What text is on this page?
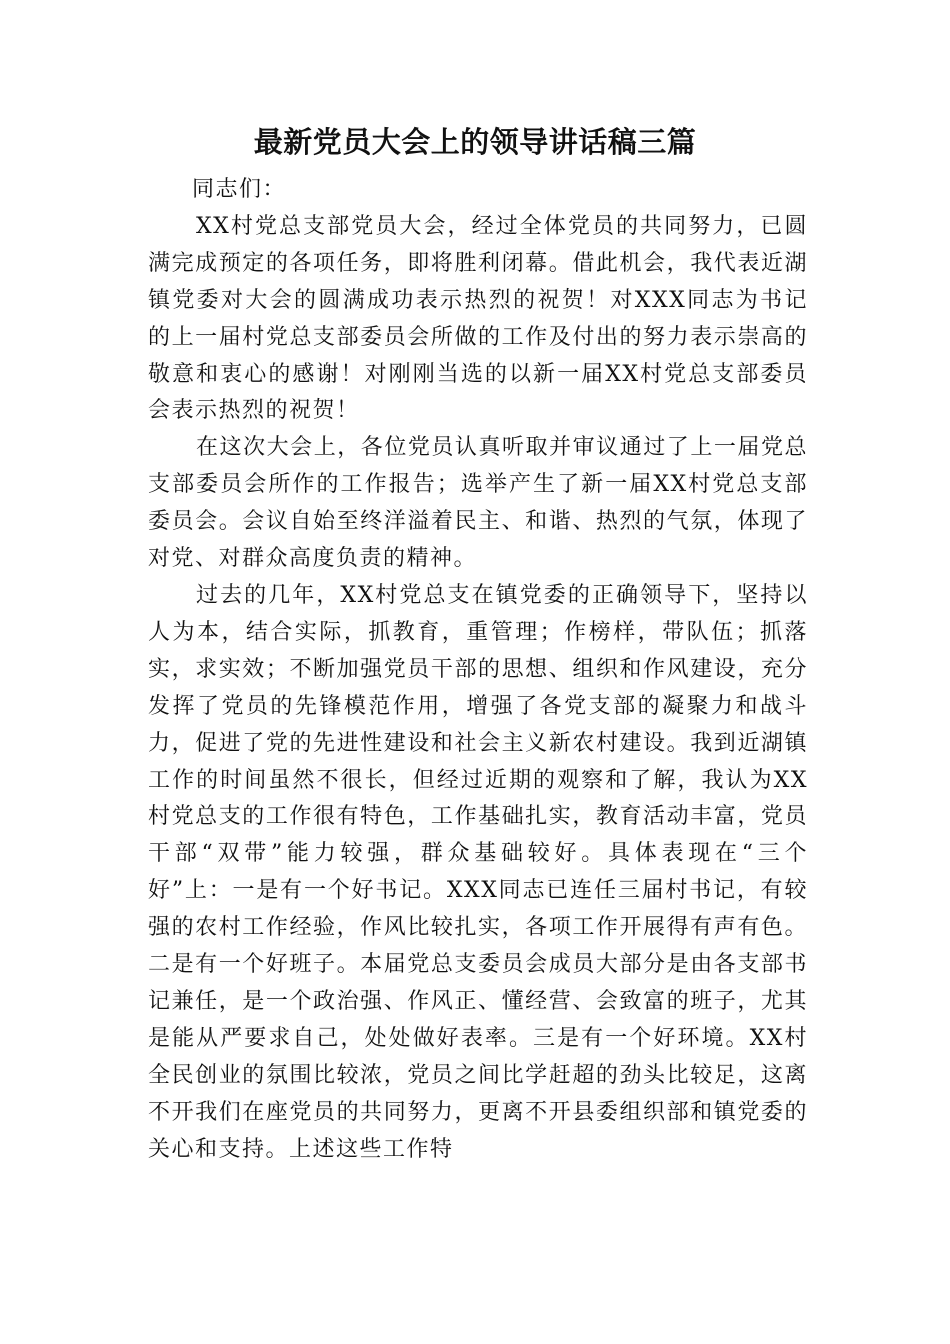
最新党员大会上的领导讲话稿三篇

同志们：

XX村党总支部党员大会，经过全体党员的共同努力，已圆满完成预定的各项任务，即将胜利闭幕。借此机会，我代表近湖镇党委对大会的圆满成功表示热烈的祝贺！对XXX同志为书记的上一届村党总支部委员会所做的工作及付出的努力表示崇高的敬意和衷心的感谢！对刚刚当选的以新一届XX村党总支部委员会表示热烈的祝贺！

在这次大会上，各位党员认真听取并审议通过了上一届党总支部委员会所作的工作报告；选举产生了新一届XX村党总支部委员会。会议自始至终洋溢着民主、和谐、热烈的气氛，体现了对党、对群众高度负责的精神。

过去的几年，XX村党总支在镇党委的正确领导下，坚持以人为本，结合实际，抓教育，重管理；作榜样，带队伍；抓落实，求实效；不断加强党员干部的思想、组织和作风建设，充分发挥了党员的先锋模范作用，增强了各党支部的凝聚力和战斗力，促进了党的先进性建设和社会主义新农村建设。我到近湖镇工作的时间虽然不很长，但经过近期的观察和了解，我认为XX村党总支的工作很有特色，工作基础扎实，教育活动丰富，党员干部“双带”能力较强，群众基础较好。具体表现在“三个好”上：一是有一个好书记。XXX同志已连任三届村书记，有较强的农村工作经验，作风比较扎实，各项工作开展得有声有色。二是有一个好班子。本届党总支委员会成员大部分是由各支部书记兼任，是一个政治强、作风正、懂经营、会致富的班子，尤其是能从严要求自己，处处做好表率。三是有一个好环境。XX村全民创业的氛围比较浓，党员之间比学赶超的劲头比较足，这离不开我们在座党员的共同努力，更离不开县委组织部和镇党委的关心和支持。上述这些工作特
